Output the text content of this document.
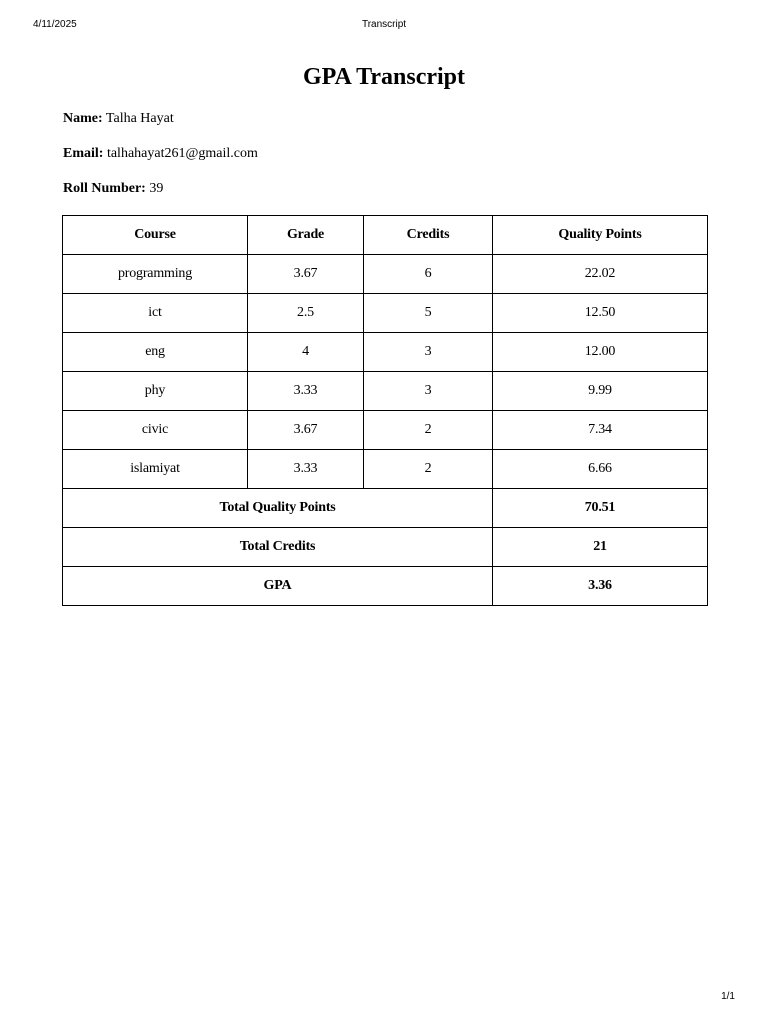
4/11/2025	Transcript
GPA Transcript

Name: Talha Hayat

Email: talhahayat261@gmail.com

Roll Number: 39

Course	Grade	Credits	Quality Points
programming	3.67	6	22.02
ict	2.5	5	12.50
eng	4	3	12.00
phy	3.33	3	9.99
civic	3.67	2	7.34
islamiyat	3.33	2	6.66
Total Quality Points			70.51
Total Credits			21
GPA			3.36
1/1
